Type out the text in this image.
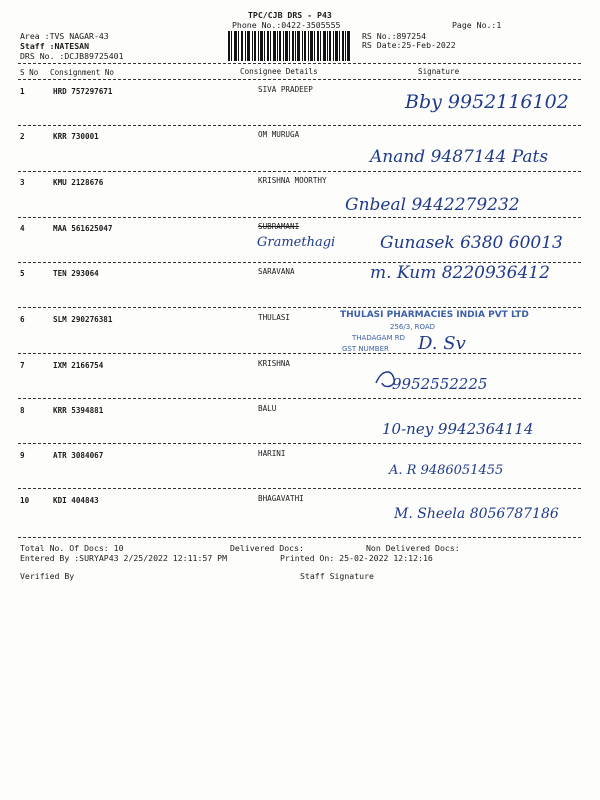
TPC/CJB DRS - P43
Phone No.:0422-3505555	Page No.:1
Area :TVS NAGAR-43
Staff :NATESAN
DRS No. :DCJB89725401
RS No.:897254
RS Date:25-Feb-2022
S No Consignment No	Consignee Details	Signature
1	HRD 757297671	SIVA PRADEEP
Bby 9952116102
2	KRR 730001	OM MURUGA
Anand 9487144 Pats
3	KMU 2128676	KRISHNA MOORTHY
Gnbeal 9442279232
4	MAA 561625047	SUBRAMANI
Gramethagi	Gunasek 6380 60013
5	TEN 293064	SARAVANA	m. Kum 8220936412
6	SLM 290276381	THULASI	THULASI PHARMACIES INDIA PVT LTD
256/3, ROAD
THADAGAM RD
GST NUMBER D. Sv
7	IXM 2166754	KRISHNA
9952552225
8	KRR 5394881	BALU
10-ney 9942364114
9	ATR 3084067	HARINI
A. R 9486051455
10	KDI 404843	BHAGAVATHI
M. Sheela 8056787186
Total No. Of Docs: 10	Delivered Docs:	Non Delivered Docs:
Entered By :SURYAP43 2/25/2022 12:11:57 PM	Printed On: 25-02-2022 12:12:16
Verified By	Staff Signature
